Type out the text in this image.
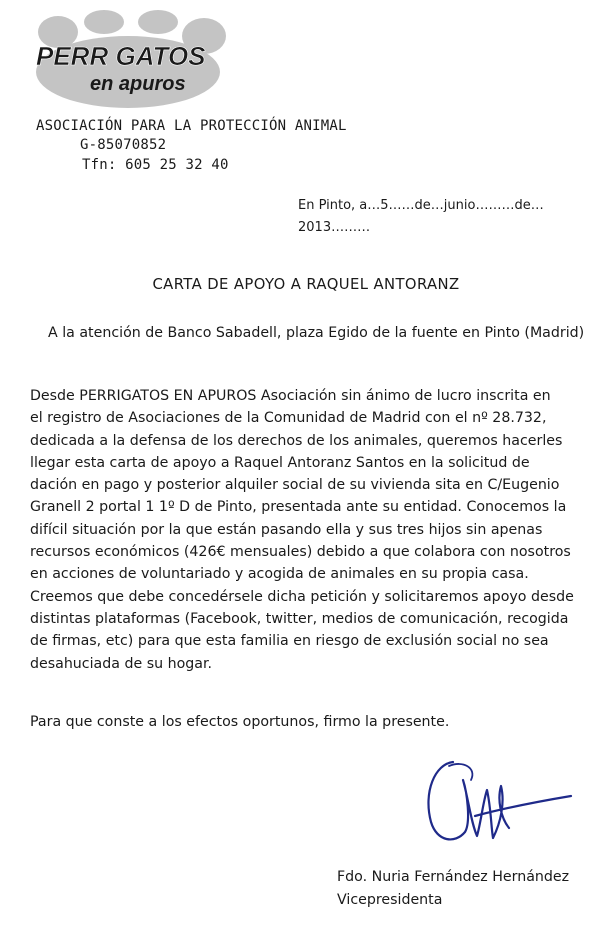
PERR GATOS
en apuros
ASOCIACIÓN PARA LA PROTECCIÓN ANIMAL
G-85070852
Tfn: 605 25 32 40
En Pinto, a…5……de…junio………de…2013………
CARTA DE APOYO A RAQUEL ANTORANZ
A la atención de Banco Sabadell, plaza Egido de la fuente en Pinto (Madrid)
Desde PERRIGATOS EN APUROS Asociación sin ánimo de lucro inscrita en
el registro de Asociaciones de la Comunidad de Madrid con el nº 28.732,
dedicada a la defensa de los derechos de los animales, queremos hacerles
llegar esta carta de apoyo a Raquel Antoranz Santos en la solicitud de
dación en pago y posterior alquiler social de su vivienda sita en C/Eugenio
Granell 2 portal 1 1º D de Pinto, presentada ante su entidad. Conocemos la
difícil situación por la que están pasando ella y sus tres hijos sin apenas
recursos económicos (426€ mensuales) debido a que colabora con nosotros
en acciones de voluntariado y acogida de animales en su propia casa.
Creemos que debe concedérsele dicha petición y solicitaremos apoyo desde
distintas plataformas (Facebook, twitter, medios de comunicación, recogida
de firmas, etc) para que esta familia en riesgo de exclusión social no sea
desahuciada de su hogar.
Para que conste a los efectos oportunos, firmo la presente.
Fdo. Nuria Fernández Hernández
Vicepresidenta
